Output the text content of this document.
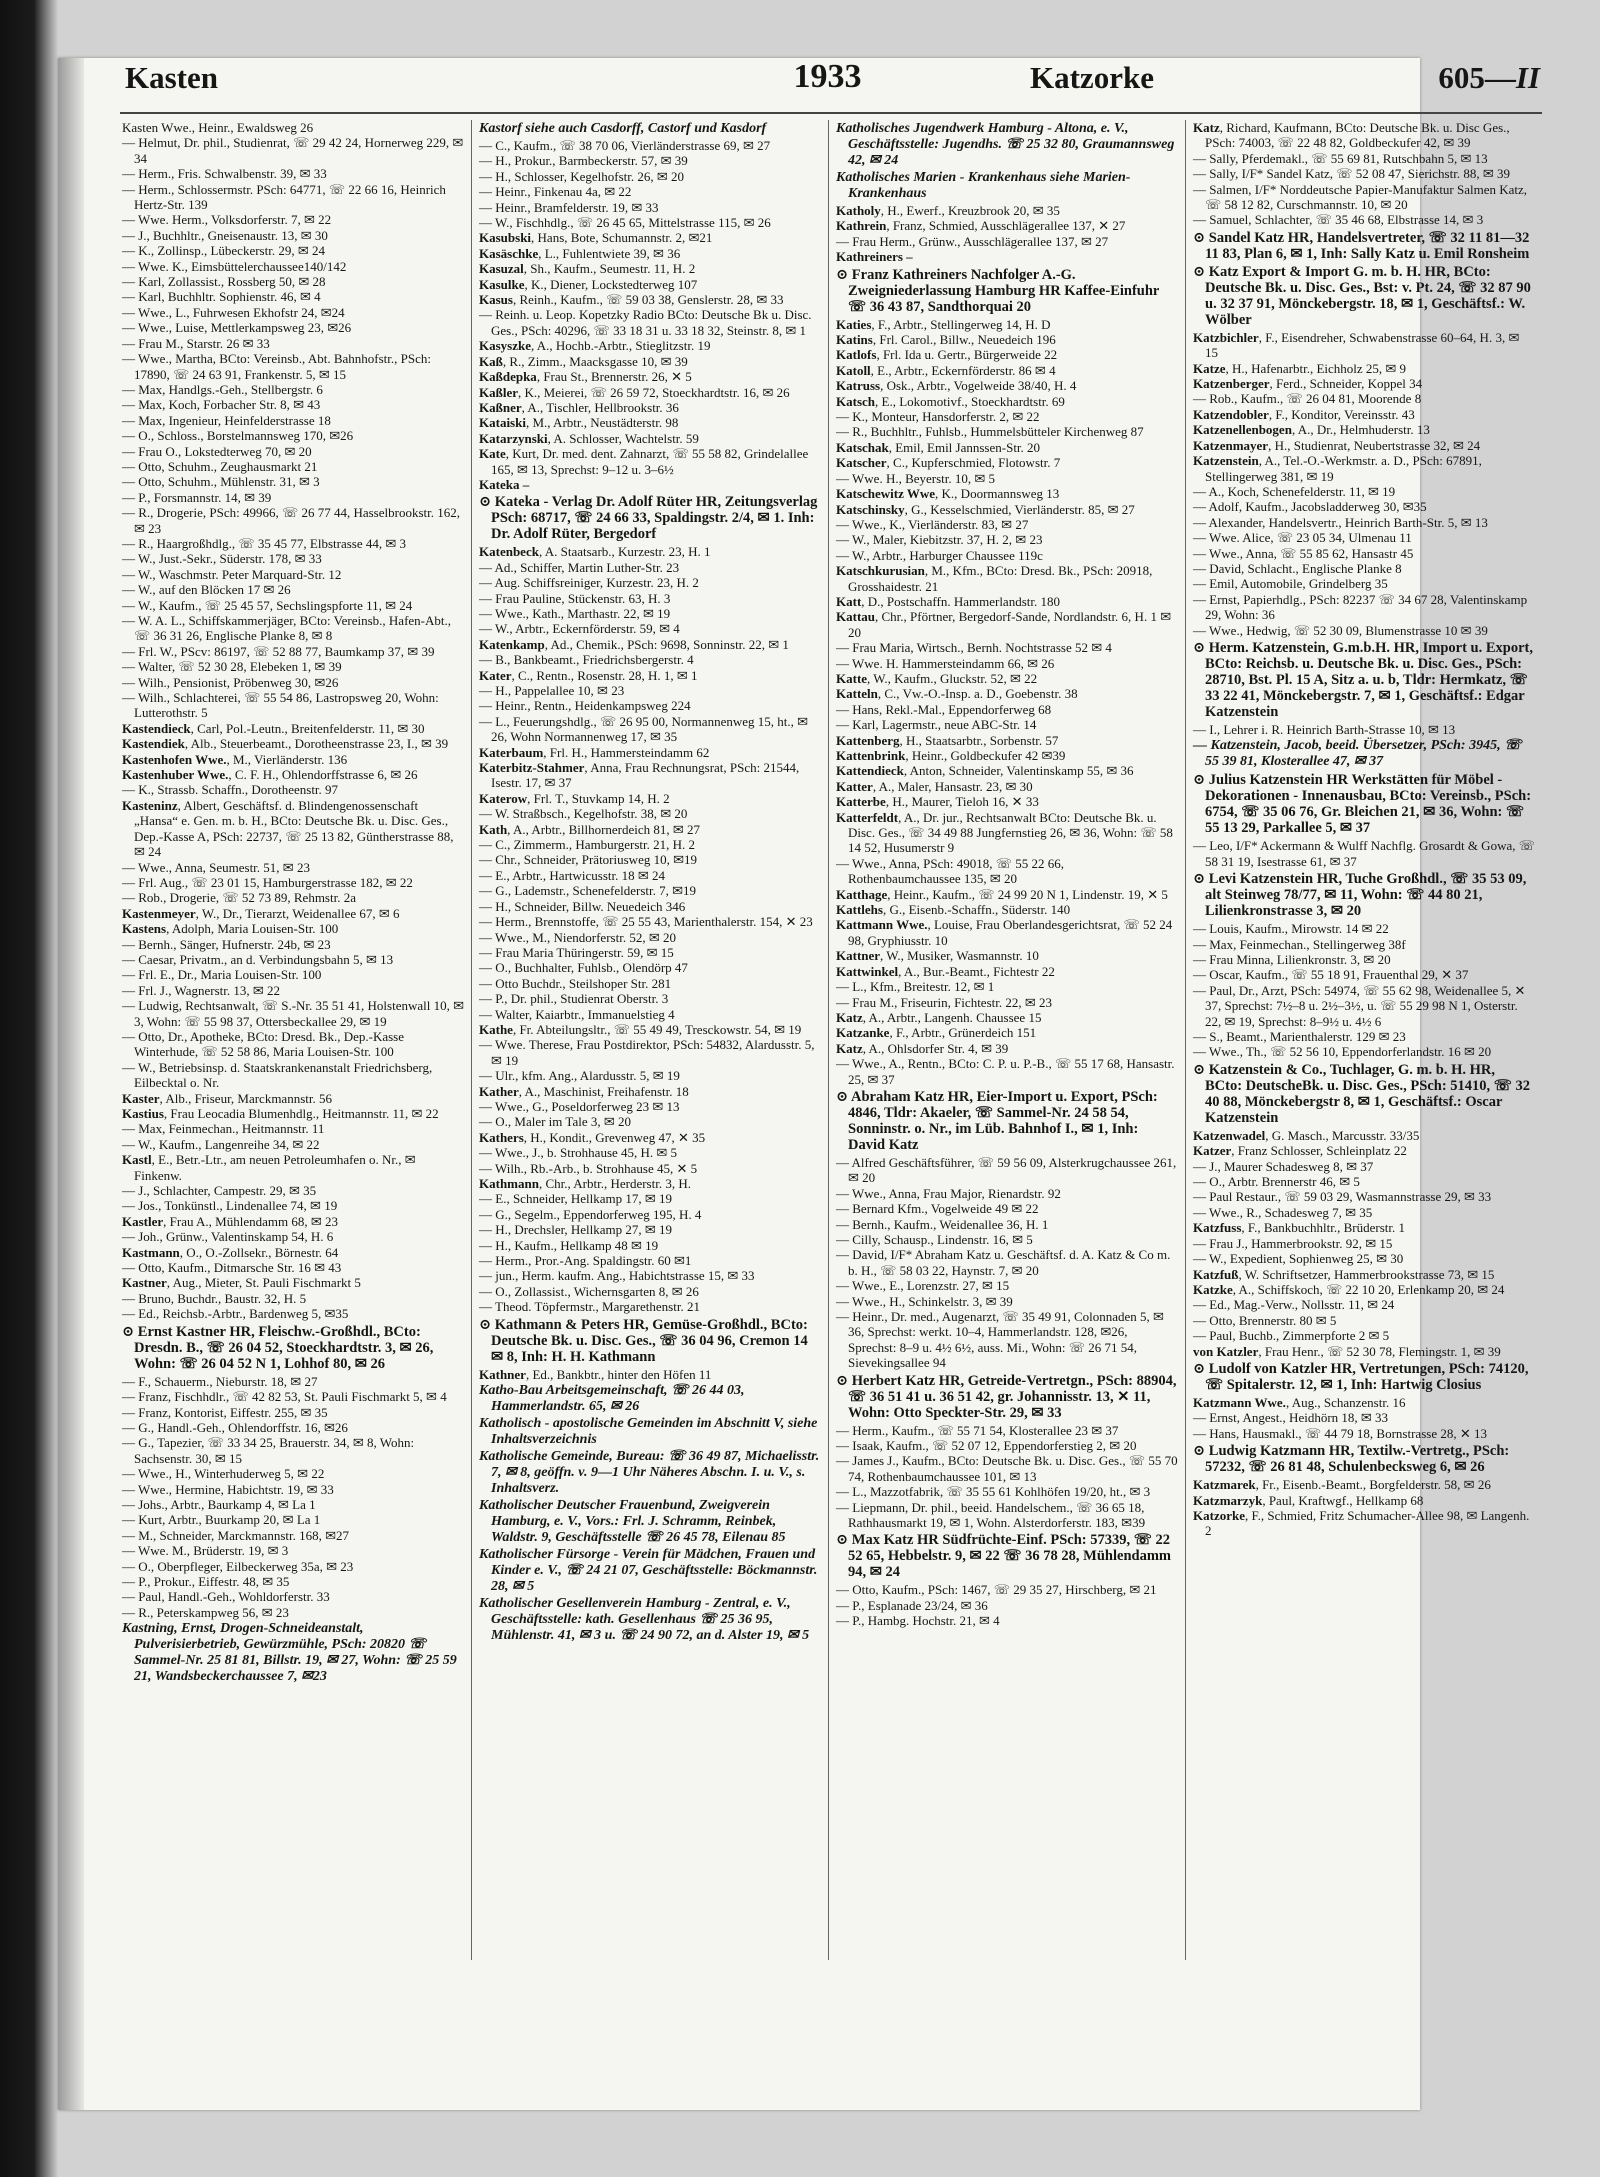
Kasten	1933	Katzorke	605—II
Kasten Wwe., Heinr., Ewaldsweg 26
— Helmut, Dr. phil., Studienrat, ☏ 29 42 24, Hornerweg 229, ✉ 34
— Herm., Fris. Schwalbenstr. 39, ✉ 33
— Herm., Schlossermstr. PSch: 64771, ☏ 22 66 16, Heinrich Hertz-Str. 139
— Wwe. Herm., Volksdorferstr. 7, ✉ 22
— J., Buchhltr., Gneisenaustr. 13, ✉ 30
— K., Zollinsp., Lübeckerstr. 29, ✉ 24
— Wwe. K., Eimsbüttelerchaussee140/142
— Karl, Zollassist., Rossberg 50, ✉ 28
— Karl, Buchhltr. Sophienstr. 46, ✉ 4
— Wwe., L., Fuhrwesen Ekhofstr 24, ✉24
— Wwe., Luise, Mettlerkampsweg 23, ✉26
— Frau M., Starstr. 26 ✉ 33
— Wwe., Martha, BCto: Vereinsb., Abt. Bahnhofstr., PSch: 17890, ☏ 24 63 91, Frankenstr. 5, ✉ 15
— Max, Handlgs.-Geh., Stellbergstr. 6
— Max, Koch, Forbacher Str. 8, ✉ 43
— Max, Ingenieur, Heinfelderstrasse 18
— O., Schloss., Borstelmannsweg 170, ✉26
— Frau O., Lokstedterweg 70, ✉ 20
— Otto, Schuhm., Zeughausmarkt 21
— Otto, Schuhm., Mühlenstr. 31, ✉ 3
— P., Forsmannstr. 14, ✉ 39
— R., Drogerie, PSch: 49966, ☏ 26 77 44, Hasselbrookstr. 162, ✉ 23
— R., Haargroßhdlg., ☏ 35 45 77, Elbstrasse 44, ✉ 3
— W., Just.-Sekr., Süderstr. 178, ✉ 33
— W., Waschmstr. Peter Marquard-Str. 12
— W., auf den Blöcken 17 ✉ 26
— W., Kaufm., ☏ 25 45 57, Sechslingspforte 11, ✉ 24
— W. A. L., Schiffskammerjäger, BCto: Vereinsb., Hafen-Abt., ☏ 36 31 26, Englische Planke 8, ✉ 8
— Frl. W., PScv: 86197, ☏ 52 88 77, Baumkamp 37, ✉ 39
— Walter, ☏ 52 30 28, Elebeken 1, ✉ 39
— Wilh., Pensionist, Pröbenweg 30, ✉26
— Wilh., Schlachterei, ☏ 55 54 86, Lastropsweg 20, Wohn: Lutterothstr. 5
Kastendieck, Carl, Pol.-Leutn., Breitenfelderstr. 11, ✉ 30
Kastendiek, Alb., Steuerbeamt., Dorotheenstrasse 23, I., ✉ 39
Kastenhofen Wwe., M., Vierländerstr. 136
Kastenhuber Wwe., C. F. H., Ohlendorffstrasse 6, ✉ 26
— K., Strassb. Schaffn., Dorotheenstr. 97
Kasteninz, Albert, Geschäftsf. d. Blindengenossenschaft „Hansa“ e. Gen. m. b. H., BCto: Deutsche Bk. u. Disc. Ges., Dep.-Kasse A, PSch: 22737, ☏ 25 13 82, Güntherstrasse 88, ✉ 24
— Wwe., Anna, Seumestr. 51, ✉ 23
— Frl. Aug., ☏ 23 01 15, Hamburgerstrasse 182, ✉ 22
— Rob., Drogerie, ☏ 52 73 89, Rehmstr. 2a
Kastenmeyer, W., Dr., Tierarzt, Weidenallee 67, ✉ 6
Kastens, Adolph, Maria Louisen-Str. 100
— Bernh., Sänger, Hufnerstr. 24b, ✉ 23
— Caesar, Privatm., an d. Verbindungsbahn 5, ✉ 13
— Frl. E., Dr., Maria Louisen-Str. 100
— Frl. J., Wagnerstr. 13, ✉ 22
— Ludwig, Rechtsanwalt, ☏ S.-Nr. 35 51 41, Holstenwall 10, ✉ 3, Wohn: ☏ 55 98 37, Ottersbeckallee 29, ✉ 19
— Otto, Dr., Apotheke, BCto: Dresd. Bk., Dep.-Kasse Winterhude, ☏ 52 58 86, Maria Louisen-Str. 100
— W., Betriebsinsp. d. Staatskrankenanstalt Friedrichsberg, Eilbecktal o. Nr.
Kaster, Alb., Friseur, Marckmannstr. 56
Kastius, Frau Leocadia Blumenhdlg., Heitmannstr. 11, ✉ 22
— Max, Feinmechan., Heitmannstr. 11
— W., Kaufm., Langenreihe 34, ✉ 22
Kastl, E., Betr.-Ltr., am neuen Petroleumhafen o. Nr., ✉ Finkenw.
— J., Schlachter, Campestr. 29, ✉ 35
— Jos., Tonkünstl., Lindenallee 74, ✉ 19
Kastler, Frau A., Mühlendamm 68, ✉ 23
— Joh., Grünw., Valentinskamp 54, H. 6
Kastmann, O., O.-Zollsekr., Börnestr. 64
— Otto, Kaufm., Ditmarsche Str. 16 ✉ 43
Kastner, Aug., Mieter, St. Pauli Fischmarkt 5
— Bruno, Buchdr., Baustr. 32, H. 5
— Ed., Reichsb.-Arbtr., Bardenweg 5, ✉35
⊙ Ernst Kastner HR, Fleischw.-Großhdl., BCto: Dresdn. B., ☏ 26 04 52, Stoeckhardtstr. 3, ✉ 26, Wohn: ☏ 26 04 52 N 1, Lohhof 80, ✉ 26
— F., Schauerm., Nieburstr. 18, ✉ 27
— Franz, Fischhdlr., ☏ 42 82 53, St. Pauli Fischmarkt 5, ✉ 4
— Franz, Kontorist, Eiffestr. 255, ✉ 35
— G., Handl.-Geh., Ohlendorffstr. 16, ✉26
— G., Tapezier, ☏ 33 34 25, Brauerstr. 34, ✉ 8, Wohn: Sachsenstr. 30, ✉ 15
— Wwe., H., Winterhuderweg 5, ✉ 22
— Wwe., Hermine, Habichtstr. 19, ✉ 33
— Johs., Arbtr., Baurkamp 4, ✉ La 1
— Kurt, Arbtr., Buurkamp 20, ✉ La 1
— M., Schneider, Marckmannstr. 168, ✉27
— Wwe. M., Brüderstr. 19, ✉ 3
— O., Oberpfleger, Eilbeckerweg 35a, ✉ 23
— P., Prokur., Eiffestr. 48, ✉ 35
— Paul, Handl.-Geh., Wohldorferstr. 33
— R., Peterskampweg 56, ✉ 23
Kastning, Ernst, Drogen-Schneideanstalt, Pulverisierbetrieb, Gewürzmühle, PSch: 20820 ☏ Sammel-Nr. 25 81 81, Billstr. 19, ✉ 27, Wohn: ☏ 25 59 21, Wandsbeckerchaussee 7, ✉23
Kastorf siehe auch Casdorff, Castorf und Kasdorf
— C., Kaufm., ☏ 38 70 06, Vierländerstrasse 69, ✉ 27
— H., Prokur., Barmbeckerstr. 57, ✉ 39
— H., Schlosser, Kegelhofstr. 26, ✉ 20
— Heinr., Finkenau 4a, ✉ 22
— Heinr., Bramfelderstr. 19, ✉ 33
— W., Fischhdlg., ☏ 26 45 65, Mittelstrasse 115, ✉ 26
Kasubski, Hans, Bote, Schumannstr. 2, ✉21
Kasäschke, L., Fuhlentwiete 39, ✉ 36
Kasuzal, Sh., Kaufm., Seumestr. 11, H. 2
Kasulke, K., Diener, Lockstedterweg 107
Kasus, Reinh., Kaufm., ☏ 59 03 38, Genslerstr. 28, ✉ 33
— Reinh. u. Leop. Kopetzky Radio BCto: Deutsche Bk u. Disc. Ges., PSch: 40296, ☏ 33 18 31 u. 33 18 32, Steinstr. 8, ✉ 1
Kasyszke, A., Hochb.-Arbtr., Stieglitzstr. 19
Kaß, R., Zimm., Maacksgasse 10, ✉ 39
Kaßdepka, Frau St., Brennerstr. 26, ✕ 5
Kaßler, K., Meierei, ☏ 26 59 72, Stoeckhardtstr. 16, ✉ 26
Kaßner, A., Tischler, Hellbrookstr. 36
Kataiski, M., Arbtr., Neustädterstr. 98
Katarzynski, A. Schlosser, Wachtelstr. 59
Kate, Kurt, Dr. med. dent. Zahnarzt, ☏ 55 58 82, Grindelallee 165, ✉ 13, Sprechst: 9–12 u. 3–6½
Kateka –
⊙ Kateka - Verlag Dr. Adolf Rüter HR, Zeitungsverlag PSch: 68717, ☏ 24 66 33, Spaldingstr. 2/4, ✉ 1. Inh: Dr. Adolf Rüter, Bergedorf
Katenbeck, A. Staatsarb., Kurzestr. 23, H. 1
— Ad., Schiffer, Martin Luther-Str. 23
— Aug. Schiffsreiniger, Kurzestr. 23, H. 2
— Frau Pauline, Stückenstr. 63, H. 3
— Wwe., Kath., Marthastr. 22, ✉ 19
— W., Arbtr., Eckernförderstr. 59, ✉ 4
Katenkamp, Ad., Chemik., PSch: 9698, Sonninstr. 22, ✉ 1
— B., Bankbeamt., Friedrichsbergerstr. 4
Kater, C., Rentn., Rosenstr. 28, H. 1, ✉ 1
— H., Pappelallee 10, ✉ 23
— Heinr., Rentn., Heidenkampsweg 224
— L., Feuerungshdlg., ☏ 26 95 00, Normannenweg 15, ht., ✉ 26, Wohn Normannenweg 17, ✉ 35
Katerbaum, Frl. H., Hammersteindamm 62
Katerbitz-Stahmer, Anna, Frau Rechnungsrat, PSch: 21544, Isestr. 17, ✉ 37
Katerow, Frl. T., Stuvkamp 14, H. 2
— W. Straßbsch., Kegelhofstr. 38, ✉ 20
Kath, A., Arbtr., Billhornerdeich 81, ✉ 27
— C., Zimmerm., Hamburgerstr. 21, H. 2
— Chr., Schneider, Prätoriusweg 10, ✉19
— E., Arbtr., Hartwicusstr. 18 ✉ 24
— G., Lademstr., Schenefelderstr. 7, ✉19
— H., Schneider, Billw. Neuedeich 346
— Herm., Brennstoffe, ☏ 25 55 43, Marienthalerstr. 154, ✕ 23
— Wwe., M., Niendorferstr. 52, ✉ 20
— Frau Maria Thüringerstr. 59, ✉ 15
— O., Buchhalter, Fuhlsb., Olendörp 47
— Otto Buchdr., Steilshoper Str. 281
— P., Dr. phil., Studienrat Oberstr. 3
— Walter, Kaiarbtr., Immanuelstieg 4
Kathe, Fr. Abteilungsltr., ☏ 55 49 49, Tresckowstr. 54, ✉ 19
— Wwe. Therese, Frau Postdirektor, PSch: 54832, Alardusstr. 5, ✉ 19
— Ulr., kfm. Ang., Alardusstr. 5, ✉ 19
Kather, A., Maschinist, Freihafenstr. 18
— Wwe., G., Poseldorferweg 23 ✉ 13
— O., Maler im Tale 3, ✉ 20
Kathers, H., Kondit., Grevenweg 47, ✕ 35
— Wwe., J., b. Strohhause 45, H. ✉ 5
— Wilh., Rb.-Arb., b. Strohhause 45, ✕ 5
Kathmann, Chr., Arbtr., Herderstr. 3, H.
— E., Schneider, Hellkamp 17, ✉ 19
— G., Segelm., Eppendorferweg 195, H. 4
— H., Drechsler, Hellkamp 27, ✉ 19
— H., Kaufm., Hellkamp 48 ✉ 19
— Herm., Pror.-Ang. Spaldingstr. 60 ✉1
— jun., Herm. kaufm. Ang., Habichtstrasse 15, ✉ 33
— O., Zollassist., Wichernsgarten 8, ✉ 26
— Theod. Töpfermstr., Margarethenstr. 21
⊙ Kathmann & Peters HR, Gemüse-Großhdl., BCto: Deutsche Bk. u. Disc. Ges., ☏ 36 04 96, Cremon 14 ✉ 8, Inh: H. H. Kathmann
Kathner, Ed., Bankbtr., hinter den Höfen 11
Katho-Bau Arbeitsgemeinschaft, ☏ 26 44 03, Hammerlandstr. 65, ✉ 26
Katholisch - apostolische Gemeinden im Abschnitt V, siehe Inhaltsverzeichnis
Katholische Gemeinde, Bureau: ☏ 36 49 87, Michaelisstr. 7, ✉ 8, geöffn. v. 9—1 Uhr Näheres Abschn. I. u. V., s. Inhaltsverz.
Katholischer Deutscher Frauenbund, Zweigverein Hamburg, e. V., Vors.: Frl. J. Schramm, Reinbek, Waldstr. 9, Geschäftsstelle ☏ 26 45 78, Eilenau 85
Katholischer Fürsorge - Verein für Mädchen, Frauen und Kinder e. V., ☏ 24 21 07, Geschäftsstelle: Böckmannstr. 28, ✉ 5
Katholischer Gesellenverein Hamburg - Zentral, e. V., Geschäftsstelle: kath. Gesellenhaus ☏ 25 36 95, Mühlenstr. 41, ✉ 3 u. ☏ 24 90 72, an d. Alster 19, ✉ 5
Katholisches Jugendwerk Hamburg - Altona, e. V., Geschäftsstelle: Jugendhs. ☏ 25 32 80, Graumannsweg 42, ✉ 24
Katholisches Marien - Krankenhaus siehe Marien-Krankenhaus
Katholy, H., Ewerf., Kreuzbrook 20, ✉ 35
Kathrein, Franz, Schmied, Ausschlägerallee 137, ✕ 27
— Frau Herm., Grünw., Ausschlägerallee 137, ✉ 27
Kathreiners –
⊙ Franz Kathreiners Nachfolger A.-G. Zweigniederlassung Hamburg HR Kaffee-Einfuhr ☏ 36 43 87, Sandthorquai 20
Katies, F., Arbtr., Stellingerweg 14, H. D
Katins, Frl. Carol., Billw., Neuedeich 196
Katlofs, Frl. Ida u. Gertr., Bürgerweide 22
Katoll, E., Arbtr., Eckernförderstr. 86 ✉ 4
Katruss, Osk., Arbtr., Vogelweide 38/40, H. 4
Katsch, E., Lokomotivf., Stoeckhardtstr. 69
— K., Monteur, Hansdorferstr. 2, ✉ 22
— R., Buchhltr., Fuhlsb., Hummelsbütteler Kirchenweg 87
Katschak, Emil, Emil Jannssen-Str. 20
Katscher, C., Kupferschmied, Flotowstr. 7
— Wwe. H., Beyerstr. 10, ✉ 5
Katschewitz Wwe, K., Doormannsweg 13
Katschinsky, G., Kesselschmied, Vierländerstr. 85, ✉ 27
— Wwe., K., Vierländerstr. 83, ✉ 27
— W., Maler, Kiebitzstr. 37, H. 2, ✉ 23
— W., Arbtr., Harburger Chaussee 119c
Katschkurusian, M., Kfm., BCto: Dresd. Bk., PSch: 20918, Grosshaidestr. 21
Katt, D., Postschaffn. Hammerlandstr. 180
Kattau, Chr., Pförtner, Bergedorf-Sande, Nordlandstr. 6, H. 1 ✉ 20
— Frau Maria, Wirtsch., Bernh. Nochtstrasse 52 ✉ 4
— Wwe. H. Hammersteindamm 66, ✉ 26
Katte, W., Kaufm., Gluckstr. 52, ✉ 22
Katteln, C., Vw.-O.-Insp. a. D., Goebenstr. 38
— Hans, Rekl.-Mal., Eppendorferweg 68
— Karl, Lagermstr., neue ABC-Str. 14
Kattenberg, H., Staatsarbtr., Sorbenstr. 57
Kattenbrink, Heinr., Goldbeckufer 42 ✉39
Kattendieck, Anton, Schneider, Valentinskamp 55, ✉ 36
Katter, A., Maler, Hansastr. 23, ✉ 30
Katterbe, H., Maurer, Tieloh 16, ✕ 33
Katterfeldt, A., Dr. jur., Rechtsanwalt BCto: Deutsche Bk. u. Disc. Ges., ☏ 34 49 88 Jungfernstieg 26, ✉ 36, Wohn: ☏ 58 14 52, Husumerstr 9
— Wwe., Anna, PSch: 49018, ☏ 55 22 66, Rothenbaumchaussee 135, ✉ 20
Katthage, Heinr., Kaufm., ☏ 24 99 20 N 1, Lindenstr. 19, ✕ 5
Kattlehs, G., Eisenb.-Schaffn., Süderstr. 140
Kattmann Wwe., Louise, Frau Oberlandesgerichtsrat, ☏ 52 24 98, Gryphiusstr. 10
Kattner, W., Musiker, Wasmannstr. 10
Kattwinkel, A., Bur.-Beamt., Fichtestr 22
— L., Kfm., Breitestr. 12, ✉ 1
— Frau M., Friseurin, Fichtestr. 22, ✉ 23
Katz, A., Arbtr., Langenh. Chaussee 15
Katzanke, F., Arbtr., Grünerdeich 151
Katz, A., Ohlsdorfer Str. 4, ✉ 39
— Wwe., A., Rentn., BCto: C. P. u. P.-B., ☏ 55 17 68, Hansastr. 25, ✉ 37
⊙ Abraham Katz HR, Eier-Import u. Export, PSch: 4846, Tldr: Akaeler, ☏ Sammel-Nr. 24 58 54, Sonninstr. o. Nr., im Lüb. Bahnhof I., ✉ 1, Inh: David Katz
— Alfred Geschäftsführer, ☏ 59 56 09, Alsterkrugchaussee 261, ✉ 20
— Wwe., Anna, Frau Major, Rienardstr. 92
— Bernard Kfm., Vogelweide 49 ✉ 22
— Bernh., Kaufm., Weidenallee 36, H. 1
— Cilly, Schausp., Lindenstr. 16, ✉ 5
— David, I/F* Abraham Katz u. Geschäftsf. d. A. Katz & Co m. b. H., ☏ 58 03 22, Haynstr. 7, ✉ 20
— Wwe., E., Lorenzstr. 27, ✉ 15
— Wwe., H., Schinkelstr. 3, ✉ 39
— Heinr., Dr. med., Augenarzt, ☏ 35 49 91, Colonnaden 5, ✉ 36, Sprechst: werkt. 10–4, Hammerlandstr. 128, ✉26, Sprechst: 8–9 u. 4½ 6½, auss. Mi., Wohn: ☏ 26 71 54, Sievekingsallee 94
⊙ Herbert Katz HR, Getreide-Vertretgn., PSch: 88904, ☏ 36 51 41 u. 36 51 42, gr. Johannisstr. 13, ✕ 11, Wohn: Otto Speckter-Str. 29, ✉ 33
— Herm., Kaufm., ☏ 55 71 54, Klosterallee 23 ✉ 37
— Isaak, Kaufm., ☏ 52 07 12, Eppendorferstieg 2, ✉ 20
— James J., Kaufm., BCto: Deutsche Bk. u. Disc. Ges., ☏ 55 70 74, Rothenbaumchaussee 101, ✉ 13
— L., Mazzotfabrik, ☏ 35 55 61 Kohlhöfen 19/20, ht., ✉ 3
— Liepmann, Dr. phil., beeid. Handelschem., ☏ 36 65 18, Rathhausmarkt 19, ✉ 1, Wohn. Alsterdorferstr. 183, ✉39
⊙ Max Katz HR Südfrüchte-Einf. PSch: 57339, ☏ 22 52 65, Hebbelstr. 9, ✉ 22 ☏ 36 78 28, Mühlendamm 94, ✉ 24
— Otto, Kaufm., PSch: 1467, ☏ 29 35 27, Hirschberg, ✉ 21
— P., Esplanade 23/24, ✉ 36
— P., Hambg. Hochstr. 21, ✉ 4
Katz, Richard, Kaufmann, BCto: Deutsche Bk. u. Disc Ges., PSch: 74003, ☏ 22 48 82, Goldbeckufer 42, ✉ 39
— Sally, Pferdemakl., ☏ 55 69 81, Rutschbahn 5, ✉ 13
— Sally, I/F* Sandel Katz, ☏ 52 08 47, Sierichstr. 88, ✉ 39
— Salmen, I/F* Norddeutsche Papier-Manufaktur Salmen Katz, ☏ 58 12 82, Curschmannstr. 10, ✉ 20
— Samuel, Schlachter, ☏ 35 46 68, Elbstrasse 14, ✉ 3
⊙ Sandel Katz HR, Handelsvertreter, ☏ 32 11 81—32 11 83, Plan 6, ✉ 1, Inh: Sally Katz u. Emil Ronsheim
⊙ Katz Export & Import G. m. b. H. HR, BCto: Deutsche Bk. u. Disc. Ges., Bst: v. Pt. 24, ☏ 32 87 90 u. 32 37 91, Mönckebergstr. 18, ✉ 1, Geschäftsf.: W. Wölber
Katzbichler, F., Eisendreher, Schwabenstrasse 60–64, H. 3, ✉ 15
Katze, H., Hafenarbtr., Eichholz 25, ✉ 9
Katzenberger, Ferd., Schneider, Koppel 34
— Rob., Kaufm., ☏ 26 04 81, Moorende 8
Katzendobler, F., Konditor, Vereinsstr. 43
Katzenellenbogen, A., Dr., Helmhuderstr. 13
Katzenmayer, H., Studienrat, Neubertstrasse 32, ✉ 24
Katzenstein, A., Tel.-O.-Werkmstr. a. D., PSch: 67891, Stellingerweg 381, ✉ 19
— A., Koch, Schenefelderstr. 11, ✉ 19
— Adolf, Kaufm., Jacobsladderweg 30, ✉35
— Alexander, Handelsvertr., Heinrich Barth-Str. 5, ✉ 13
— Wwe. Alice, ☏ 23 05 34, Ulmenau 11
— Wwe., Anna, ☏ 55 85 62, Hansastr 45
— David, Schlacht., Englische Planke 8
— Emil, Automobile, Grindelberg 35
— Ernst, Papierhdlg., PSch: 82237 ☏ 34 67 28, Valentinskamp 29, Wohn: 36
— Wwe., Hedwig, ☏ 52 30 09, Blumenstrasse 10 ✉ 39
⊙ Herm. Katzenstein, G.m.b.H. HR, Import u. Export, BCto: Reichsb. u. Deutsche Bk. u. Disc. Ges., PSch: 28710, Bst. Pl. 15 A, Sitz a. u. b, Tldr: Hermkatz, ☏ 33 22 41, Mönckebergstr. 7, ✉ 1, Geschäftsf.: Edgar Katzenstein
— I., Lehrer i. R. Heinrich Barth-Strasse 10, ✉ 13
— Katzenstein, Jacob, beeid. Übersetzer, PSch: 3945, ☏ 55 39 81, Klosterallee 47, ✉ 37
⊙ Julius Katzenstein HR Werkstätten für Möbel - Dekorationen - Innenausbau, BCto: Vereinsb., PSch: 6754, ☏ 35 06 76, Gr. Bleichen 21, ✉ 36, Wohn: ☏ 55 13 29, Parkallee 5, ✉ 37
— Leo, I/F* Ackermann & Wulff Nachflg. Grosardt & Gowa, ☏ 58 31 19, Isestrasse 61, ✉ 37
⊙ Levi Katzenstein HR, Tuche Großhdl., ☏ 35 53 09, alt Steinweg 78/77, ✉ 11, Wohn: ☏ 44 80 21, Lilienkronstrasse 3, ✉ 20
— Louis, Kaufm., Mirowstr. 14 ✉ 22
— Max, Feinmechan., Stellingerweg 38f
— Frau Minna, Lilienkronstr. 3, ✉ 20
— Oscar, Kaufm., ☏ 55 18 91, Frauenthal 29, ✕ 37
— Paul, Dr., Arzt, PSch: 54974, ☏ 55 62 98, Weidenallee 5, ✕ 37, Sprechst: 7½–8 u. 2½–3½, u. ☏ 55 29 98 N 1, Osterstr. 22, ✉ 19, Sprechst: 8–9½ u. 4½ 6
— S., Beamt., Marienthalerstr. 129 ✉ 23
— Wwe., Th., ☏ 52 56 10, Eppendorferlandstr. 16 ✉ 20
⊙ Katzenstein & Co., Tuchlager, G. m. b. H. HR, BCto: DeutscheBk. u. Disc. Ges., PSch: 51410, ☏ 32 40 88, Mönckebergstr 8, ✉ 1, Geschäftsf.: Oscar Katzenstein
Katzenwadel, G. Masch., Marcusstr. 33/35
Katzer, Franz Schlosser, Schleinplatz 22
— J., Maurer Schadesweg 8, ✉ 37
— O., Arbtr. Brennerstr 46, ✉ 5
— Paul Restaur., ☏ 59 03 29, Wasmannstrasse 29, ✉ 33
— Wwe., R., Schadesweg 7, ✉ 35
Katzfuss, F., Bankbuchhltr., Brüderstr. 1
— Frau J., Hammerbrookstr. 92, ✉ 15
— W., Expedient, Sophienweg 25, ✉ 30
Katzfuß, W. Schriftsetzer, Hammerbrookstrasse 73, ✉ 15
Katzke, A., Schiffskoch, ☏ 22 10 20, Erlenkamp 20, ✉ 24
— Ed., Mag.-Verw., Nollsstr. 11, ✉ 24
— Otto, Brennerstr. 80 ✉ 5
— Paul, Buchb., Zimmerpforte 2 ✉ 5
von Katzler, Frau Henr., ☏ 52 30 78, Flemingstr. 1, ✉ 39
⊙ Ludolf von Katzler HR, Vertretungen, PSch: 74120, ☏ Spitalerstr. 12, ✉ 1, Inh: Hartwig Closius
Katzmann Wwe., Aug., Schanzenstr. 16
— Ernst, Angest., Heidhörn 18, ✉ 33
— Hans, Hausmakl., ☏ 44 79 18, Bornstrasse 28, ✕ 13
⊙ Ludwig Katzmann HR, Textilw.-Vertretg., PSch: 57232, ☏ 26 81 48, Schulenbecksweg 6, ✉ 26
Katzmarek, Fr., Eisenb.-Beamt., Borgfelderstr. 58, ✉ 26
Katzmarzyk, Paul, Kraftwgf., Hellkamp 68
Katzorke, F., Schmied, Fritz Schumacher-Allee 98, ✉ Langenh. 2
